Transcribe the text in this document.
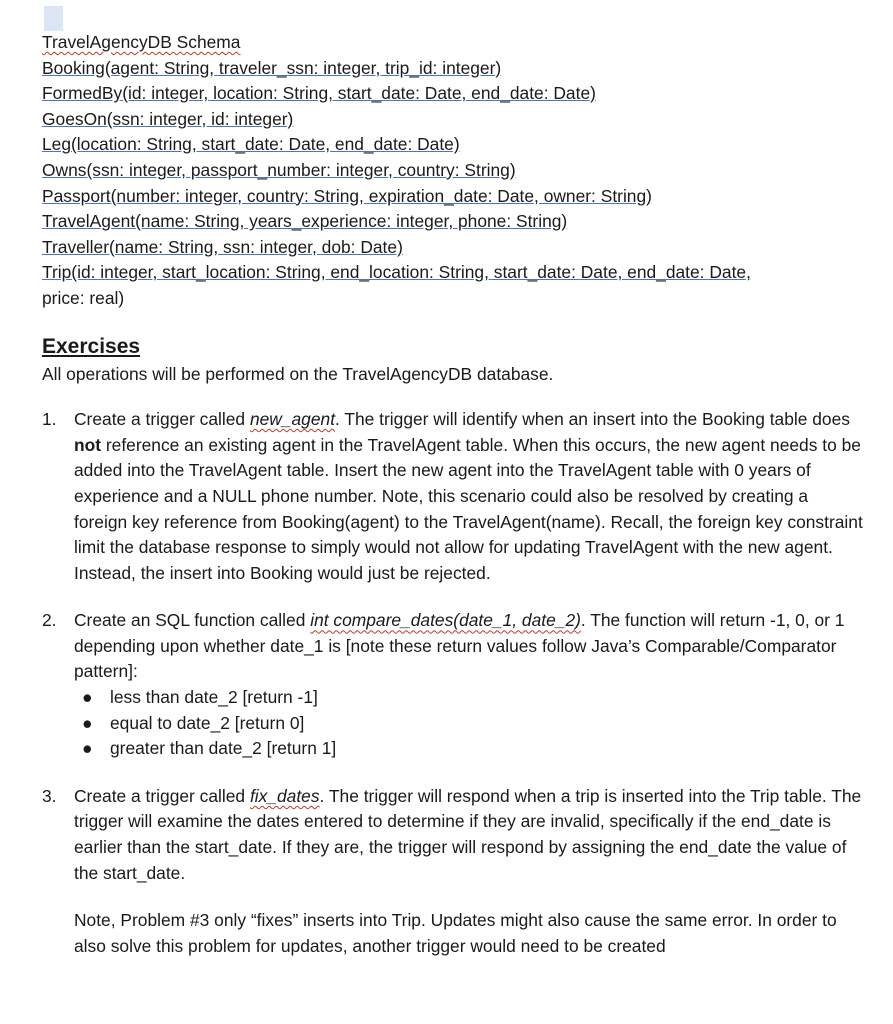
TravelAgencyDB Schema
Booking(agent: String, traveler_ssn: integer, trip_id: integer)
FormedBy(id: integer, location: String, start_date: Date, end_date: Date)
GoesOn(ssn: integer, id: integer)
Leg(location: String, start_date: Date, end_date: Date)
Owns(ssn: integer, passport_number: integer, country: String)
Passport(number: integer, country: String, expiration_date: Date, owner: String)
TravelAgent(name: String, years_experience: integer, phone: String)
Traveller(name: String, ssn: integer, dob: Date)
Trip(id: integer, start_location: String, end_location: String, start_date: Date, end_date: Date,
price: real)
Exercises
All operations will be performed on the TravelAgencyDB database.
1. Create a trigger called new_agent. The trigger will identify when an insert into the Booking table does not reference an existing agent in the TravelAgent table. When this occurs, the new agent needs to be added into the TravelAgent table. Insert the new agent into the TravelAgent table with 0 years of experience and a NULL phone number. Note, this scenario could also be resolved by creating a foreign key reference from Booking(agent) to the TravelAgent(name). Recall, the foreign key constraint limit the database response to simply would not allow for updating TravelAgent with the new agent. Instead, the insert into Booking would just be rejected.
2. Create an SQL function called int compare_dates(date_1, date_2). The function will return -1, 0, or 1 depending upon whether date_1 is [note these return values follow Java’s Comparable/Comparator pattern]:
● less than date_2 [return -1]
● equal to date_2 [return 0]
● greater than date_2 [return 1]
3. Create a trigger called fix_dates. The trigger will respond when a trip is inserted into the Trip table. The trigger will examine the dates entered to determine if they are invalid, specifically if the end_date is earlier than the start_date. If they are, the trigger will respond by assigning the end_date the value of the start_date.
Note, Problem #3 only “fixes” inserts into Trip. Updates might also cause the same error. In order to also solve this problem for updates, another trigger would need to be created
